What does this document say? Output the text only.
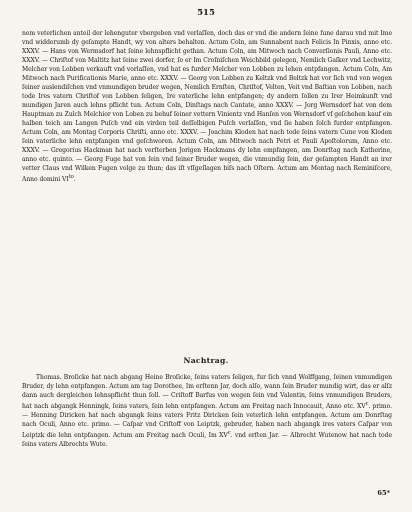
515

nem veterlichen anteil der lehenguter vbergeben vnd verlaſſen, doch das er vnd die andern ſeine ſune darau vnd mit Ime vnd widderumb dy geſampte Handt, wy von alters behalten. Actum Coln, am Sunnabent nach Felicis In Pinxis, anno etc. XXXV. — Hans von Wermsdorf hat ſeine lehnspflicht gethan. Actum Coln, am Mitwoch nach Converſionis Pauli, Anno etc. XXXV. — Chriſtof von Maltitz hat ſeine zwei dorfer, ſo er Im Croſniſchen Weichbild gelegen, Nemlich Gaſker vnd Lechwitz, Melcher von Lobben verkauft vnd vorlaſſen, vnd hat es furder Melcher von Lobben zu lehen entpfangen. Actum Coln, Am Mitwoch nach Purificationis Marie, anno etc. XXXV. — Georg von Lobben zu Keltzk vnd Beltzk hat vor ſich vnd von wegen ſeiner auslendiſchen vnd vnmundigen bruder wegen, Nemlich Ernſten, Chriſtof, Velten, Veit vnd Baſtian von Lobben, nach tode Ires vatern Chriſtof von Lobben ſeligen, Ire vaterliche lehn entpfangen; dy andern ſollen zu Irer Heimkunft vnd mundigen Jaren auch lehns pflicht tun. Actum Coln, Dinſtags nach Cantate, anno XXXV. — Jorg Wernsdorf hat von dem Hauptman zu Zulch Melchior von Loben zu behuf ſeiner vettern Vinientz vnd Hanſen von Wernsdorf vf geſchehen kauf ein halben teich am Langen Puſch vnd ein virden teil deſſelbigen Puſch verlaſſen, vnd ſie haben ſolch furder entpfangen. Actum Coln, am Montag Corporis Chriſti, anno etc. XXXV. — Joachim Kloden hat nach tode ſeins vatern Cune von Kloden ſein vaterliche lehn entpfangen vnd geſchworen. Actum Coln, am Mitwoch nach Petri et Pauli Apoſtolorum, Anno etc. XXXV. — Gregorius Hackman hat nach verſterben Jorigen Hackmans dy lehn empfangen, am Donrſtag nach Katherine, anno etc. quinto. — Georg Fuge hat von ſein vnd ſeiner Bruder wegen, die vnmundig ſein, der geſampten Handt an irer vetter Claus vnd Wilken Fugen volge zu thun; das iſt vſſgeſlagen biſs nach Oſtern. Actum am Montag nach Reminiſcere, Anno domini $VI^{to}$.

Nachtrag.

Thomas. Broſicke hat nach abgang Heine Broſicke, ſeins vaters ſeligen, fur ſich vnnd Wolffgang, ſeinen vnmundigen Bruder, dy lehn entpfangen. Actum am tag Dorothee, Im erſtenn Jar, doch alſo, wann ſein Bruder mundig wirt, das er alſz dann auch dergleichen lehnspflicht thun ſoll. — Criſtoff Barfus von wegen ſein vnd Valentin, ſeins vnmundigen Bruders, hat nach abgangk Henningk, ſeins vaters, ſein lehn entpfangen. Actum am Freitag nach Innocauit, Anno etc. $XV^c$. primo. — Henning Diricken hat nach abgangk ſeins vaters Fritz Diricken ſein veterlich lehn entpfangen. Actum am Donrſtag nach Oculi, Anno etc. primo. — Caſpar vnd Criſtoff von Leiptzk, gebruder, haben nach abgangk ires vaters Caſpar von Leiptzk die lehn entpfangen. Actum am Freitag nach Oculi, Im $XV^c$. vnd erſten Jar. — Albrecht Wutenow hat nach tode ſeins vaters Albrechts Wute.

65*
